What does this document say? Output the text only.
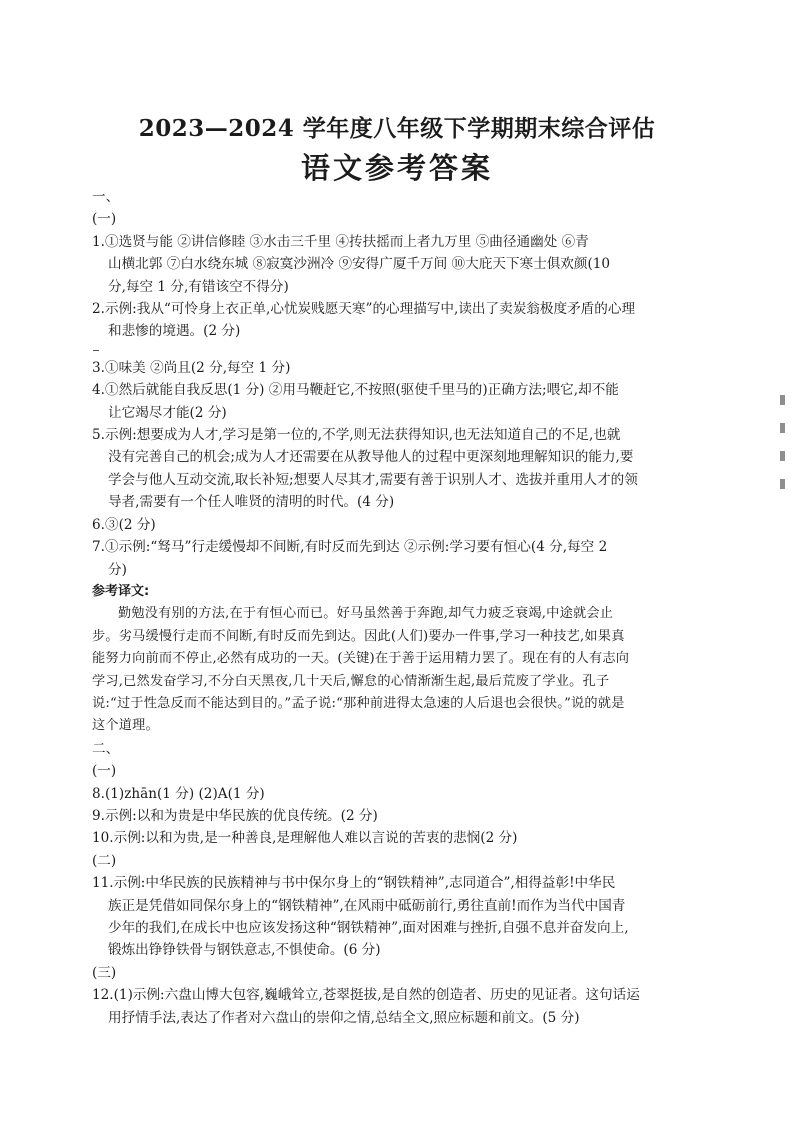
2023—2024 学年度八年级下学期期末综合评估
语文参考答案
一、
(一)
1.①选贤与能 ②讲信修睦 ③水击三千里 ④抟扶摇而上者九万里 ⑤曲径通幽处 ⑥青
山横北郭 ⑦白水绕东城 ⑧寂寞沙洲冷 ⑨安得广厦千万间 ⑩大庇天下寒士俱欢颜(10
分,每空 1 分,有错该空不得分)
2.示例:我从“可怜身上衣正单,心忧炭贱愿天寒”的心理描写中,读出了卖炭翁极度矛盾的心理
和悲惨的境遇。(2 分)
3.①味美 ②尚且(2 分,每空 1 分)
4.①然后就能自我反思(1 分) ②用马鞭赶它,不按照(驱使千里马的)正确方法;喂它,却不能
让它竭尽才能(2 分)
5.示例:想要成为人才,学习是第一位的,不学,则无法获得知识,也无法知道自己的不足,也就
没有完善自己的机会;成为人才还需要在从教导他人的过程中更深刻地理解知识的能力,要
学会与他人互动交流,取长补短;想要人尽其才,需要有善于识别人才、选拔并重用人才的领
导者,需要有一个任人唯贤的清明的时代。(4 分)
6.③(2 分)
7.①示例:“驽马”行走缓慢却不间断,有时反而先到达 ②示例:学习要有恒心(4 分,每空 2
分)
参考译文:
勤勉没有别的方法,在于有恒心而已。好马虽然善于奔跑,却气力疲乏衰竭,中途就会止
步。劣马缓慢行走而不间断,有时反而先到达。因此(人们)要办一件事,学习一种技艺,如果真
能努力向前而不停止,必然有成功的一天。(关键)在于善于运用精力罢了。现在有的人有志向
学习,已然发奋学习,不分白天黑夜,几十天后,懈怠的心情渐渐生起,最后荒废了学业。孔子
说:“过于性急反而不能达到目的。”孟子说:“那种前进得太急速的人后退也会很快。”说的就是
这个道理。
二、
(一)
8.(1)zhān(1 分) (2)A(1 分)
9.示例:以和为贵是中华民族的优良传统。(2 分)
10.示例:以和为贵,是一种善良,是理解他人难以言说的苦衷的悲悯(2 分)
(二)
11.示例:中华民族的民族精神与书中保尔身上的“钢铁精神”,志同道合”,相得益彰!中华民
族正是凭借如同保尔身上的“钢铁精神”,在风雨中砥砺前行,勇往直前!而作为当代中国青
少年的我们,在成长中也应该发扬这种“钢铁精神”,面对困难与挫折,自强不息并奋发向上,
锻炼出铮铮铁骨与钢铁意志,不惧使命。(6 分)
(三)
12.(1)示例:六盘山博大包容,巍峨耸立,苍翠挺拔,是自然的创造者、历史的见证者。这句话运
用抒情手法,表达了作者对六盘山的崇仰之情,总结全文,照应标题和前文。(5 分)
